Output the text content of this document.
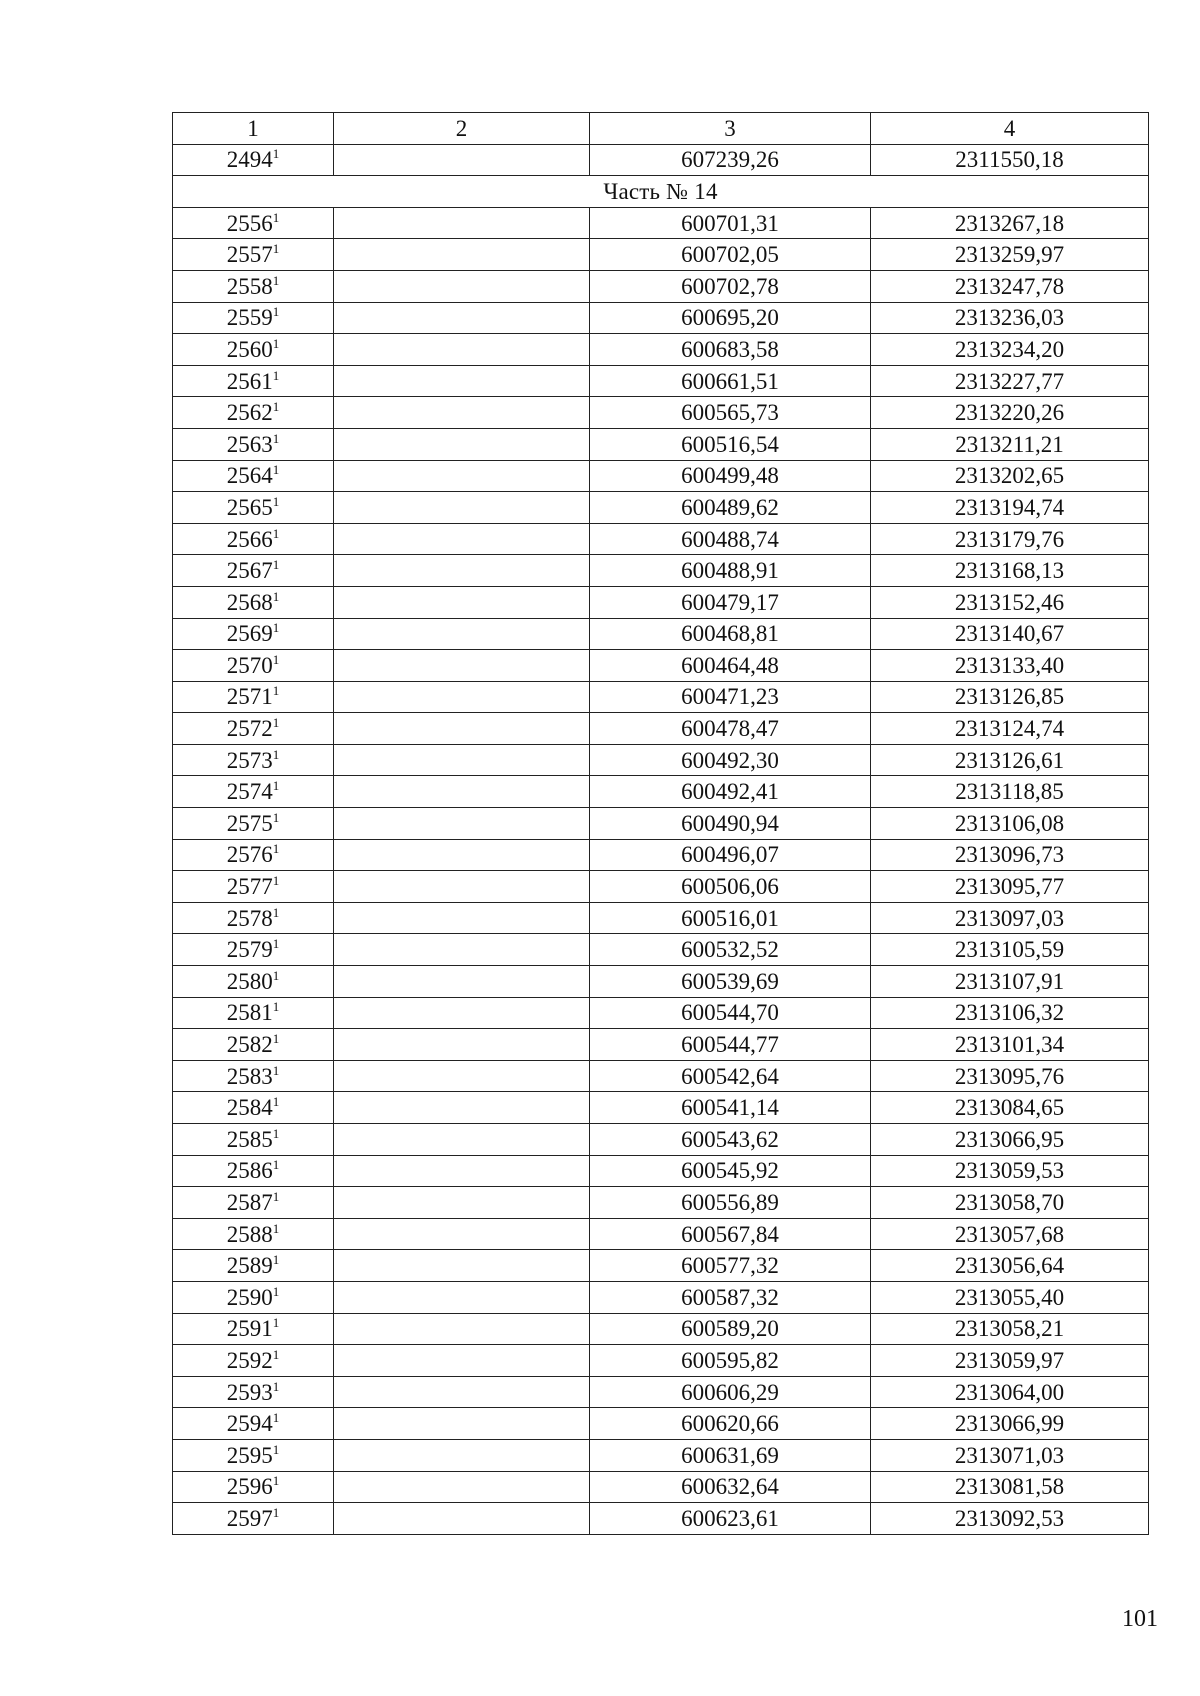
1	2	3	4
2494$^1$		607239,26	2311550,18
Часть № 14			
2556$^1$		600701,31	2313267,18
2557$^1$		600702,05	2313259,97
2558$^1$		600702,78	2313247,78
2559$^1$		600695,20	2313236,03
2560$^1$		600683,58	2313234,20
2561$^1$		600661,51	2313227,77
2562$^1$		600565,73	2313220,26
2563$^1$		600516,54	2313211,21
2564$^1$		600499,48	2313202,65
2565$^1$		600489,62	2313194,74
2566$^1$		600488,74	2313179,76
2567$^1$		600488,91	2313168,13
2568$^1$		600479,17	2313152,46
2569$^1$		600468,81	2313140,67
2570$^1$		600464,48	2313133,40
2571$^1$		600471,23	2313126,85
2572$^1$		600478,47	2313124,74
2573$^1$		600492,30	2313126,61
2574$^1$		600492,41	2313118,85
2575$^1$		600490,94	2313106,08
2576$^1$		600496,07	2313096,73
2577$^1$		600506,06	2313095,77
2578$^1$		600516,01	2313097,03
2579$^1$		600532,52	2313105,59
2580$^1$		600539,69	2313107,91
2581$^1$		600544,70	2313106,32
2582$^1$		600544,77	2313101,34
2583$^1$		600542,64	2313095,76
2584$^1$		600541,14	2313084,65
2585$^1$		600543,62	2313066,95
2586$^1$		600545,92	2313059,53
2587$^1$		600556,89	2313058,70
2588$^1$		600567,84	2313057,68
2589$^1$		600577,32	2313056,64
2590$^1$		600587,32	2313055,40
2591$^1$		600589,20	2313058,21
2592$^1$		600595,82	2313059,97
2593$^1$		600606,29	2313064,00
2594$^1$		600620,66	2313066,99
2595$^1$		600631,69	2313071,03
2596$^1$		600632,64	2313081,58
2597$^1$		600623,61	2313092,53
101
